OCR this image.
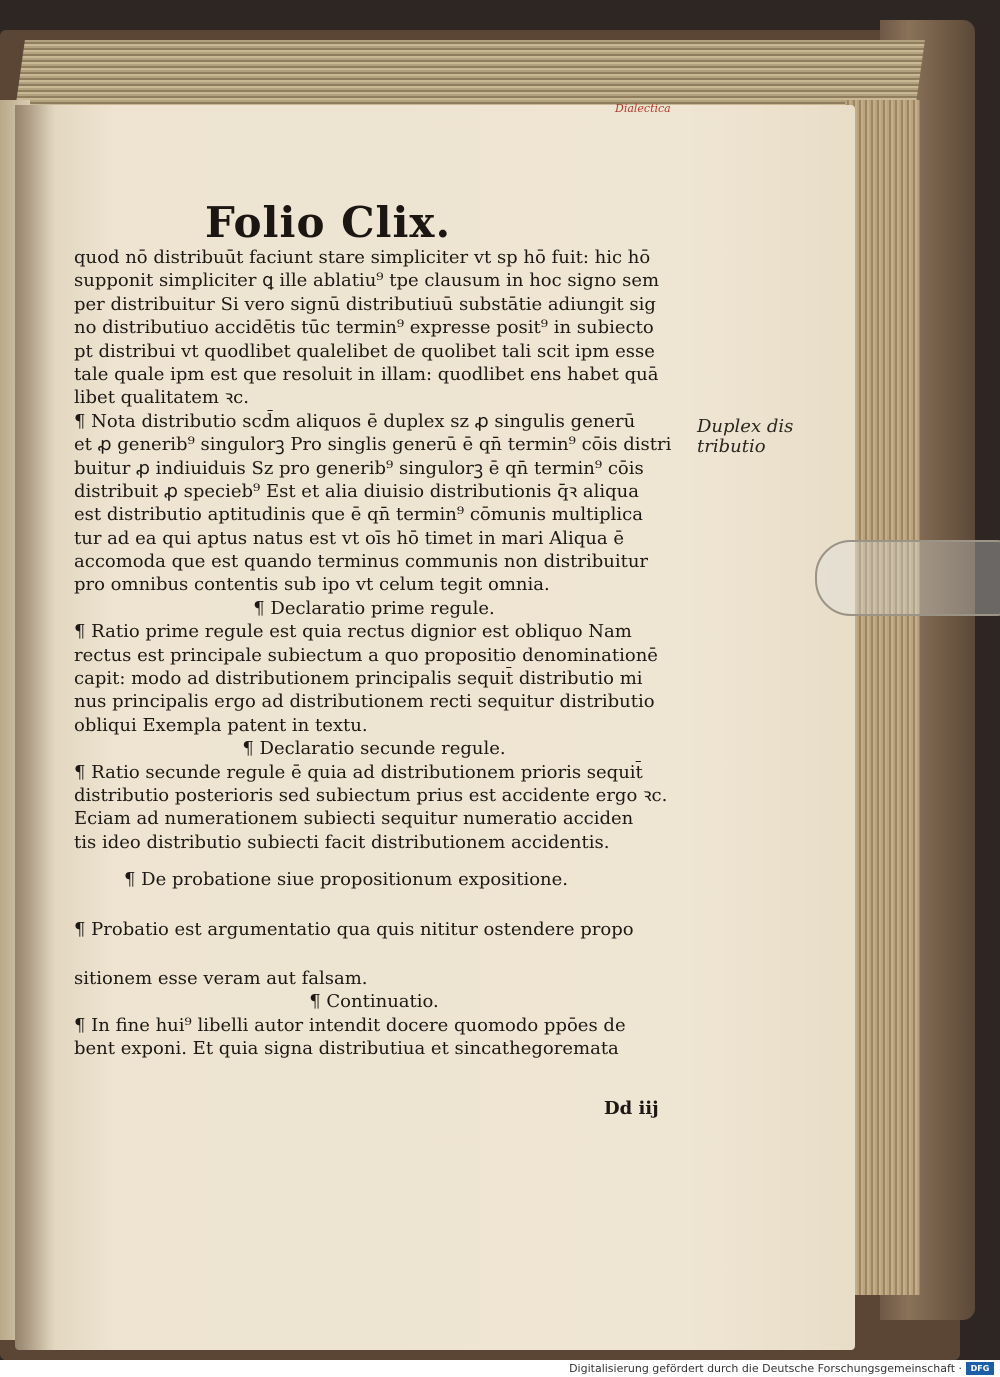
Dialectica
Folio Clix.
quod nō distribuūt faciunt stare simpliciter vt sp hō fuit: hic hō
supponit simpliciter ꝗ ille ablatiu⁹ tpe clausum in hoc signo sem
per distribuitur Si vero signū distributiuū substātie adiungit sig
no distributiuo accidētis tūc termin⁹ expresse posit⁹ in subiecto
pt distribui vt quodlibet qualelibet de quolibet tali scit ipm esse
tale quale ipm est que resoluit in illam: quodlibet ens habet quā
libet qualitatem ꝛc.
¶ Nota distributio scd̄m aliquos ē duplex sz ꝓ singulis generū
et ꝓ generib⁹ singulorꝫ Pro singlis generū ē qn̄ termin⁹ cōis distri
buitur ꝓ indiuiduis Sz pro generib⁹ singulorꝫ ē qn̄ termin⁹ cōis
distribuit ꝓ specieb⁹ Est et alia diuisio distributionis q̄ꝛ aliqua
est distributio aptitudinis que ē qn̄ termin⁹ cōmunis multiplica
tur ad ea qui aptus natus est vt oīs hō timet in mari Aliqua ē
accomoda que est quando terminus communis non distribuitur
pro omnibus contentis sub ipo vt celum tegit omnia.
¶ Declaratio prime regule.
¶ Ratio prime regule est quia rectus dignior est obliquo Nam
rectus est principale subiectum a quo propositio denominationē
capit: modo ad distributionem principalis sequit̄ distributio mi
nus principalis ergo ad distributionem recti sequitur distributio
obliqui Exempla patent in textu.
¶ Declaratio secunde regule.
¶ Ratio secunde regule ē quia ad distributionem prioris sequit̄
distributio posterioris sed subiectum prius est accidente ergo ꝛc.
Eciam ad numerationem subiecti sequitur numeratio acciden
tis ideo distributio subiecti facit distributionem accidentis.
¶ De probatione siue propositionum expositione.
¶ Probatio est argumentatio qua quis nititur ostendere propo
sitionem esse veram aut falsam.
¶ Continuatio.
¶ In fine hui⁹ libelli autor intendit docere quomodo ppōes de
bent exponi. Et quia signa distributiua et sincathegoremata
Dd iij
Duplex dis tributio
Digitalisierung gefördert durch die Deutsche Forschungsgemeinschaft ·	DFG
